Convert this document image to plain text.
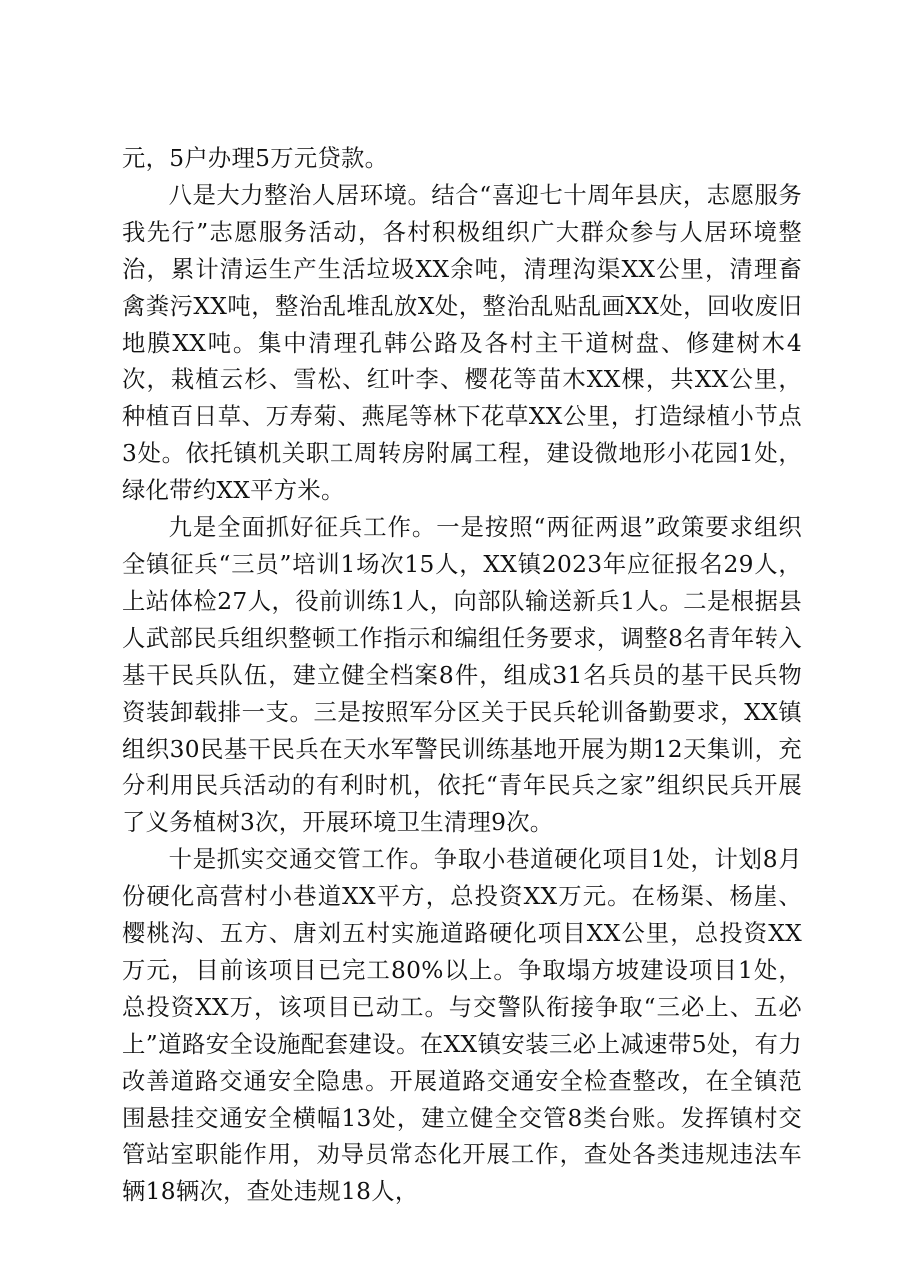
元，5户办理5万元贷款。

八是大力整治人居环境。结合“喜迎七十周年县庆，志愿服务我先行”志愿服务活动，各村积极组织广大群众参与人居环境整治，累计清运生产生活垃圾XX余吨，清理沟渠XX公里，清理畜禽粪污XX吨，整治乱堆乱放X处，整治乱贴乱画XX处，回收废旧地膜XX吨。集中清理孔韩公路及各村主干道树盘、修建树木4次，栽植云杉、雪松、红叶李、樱花等苗木XX棵，共XX公里，种植百日草、万寿菊、燕尾等林下花草XX公里，打造绿植小节点3处。依托镇机关职工周转房附属工程，建设微地形小花园1处，绿化带约XX平方米。

九是全面抓好征兵工作。一是按照“两征两退”政策要求组织全镇征兵“三员”培训1场次15人，XX镇2023年应征报名29人，上站体检27人，役前训练1人，向部队输送新兵1人。二是根据县人武部民兵组织整顿工作指示和编组任务要求，调整8名青年转入基干民兵队伍，建立健全档案8件，组成31名兵员的基干民兵物资装卸载排一支。三是按照军分区关于民兵轮训备勤要求，XX镇组织30民基干民兵在天水军警民训练基地开展为期12天集训，充分利用民兵活动的有利时机，依托“青年民兵之家”组织民兵开展了义务植树3次，开展环境卫生清理9次。

十是抓实交通交管工作。争取小巷道硬化项目1处，计划8月份硬化高营村小巷道XX平方，总投资XX万元。在杨渠、杨崖、樱桃沟、五方、唐刘五村实施道路硬化项目XX公里，总投资XX万元，目前该项目已完工80%以上。争取塌方坡建设项目1处，总投资XX万，该项目已动工。与交警队衔接争取“三必上、五必上”道路安全设施配套建设。在XX镇安装三必上减速带5处，有力改善道路交通安全隐患。开展道路交通安全检查整改，在全镇范围悬挂交通安全横幅13处，建立健全交管8类台账。发挥镇村交管站室职能作用，劝导员常态化开展工作，查处各类违规违法车辆18辆次，查处违规18人，
